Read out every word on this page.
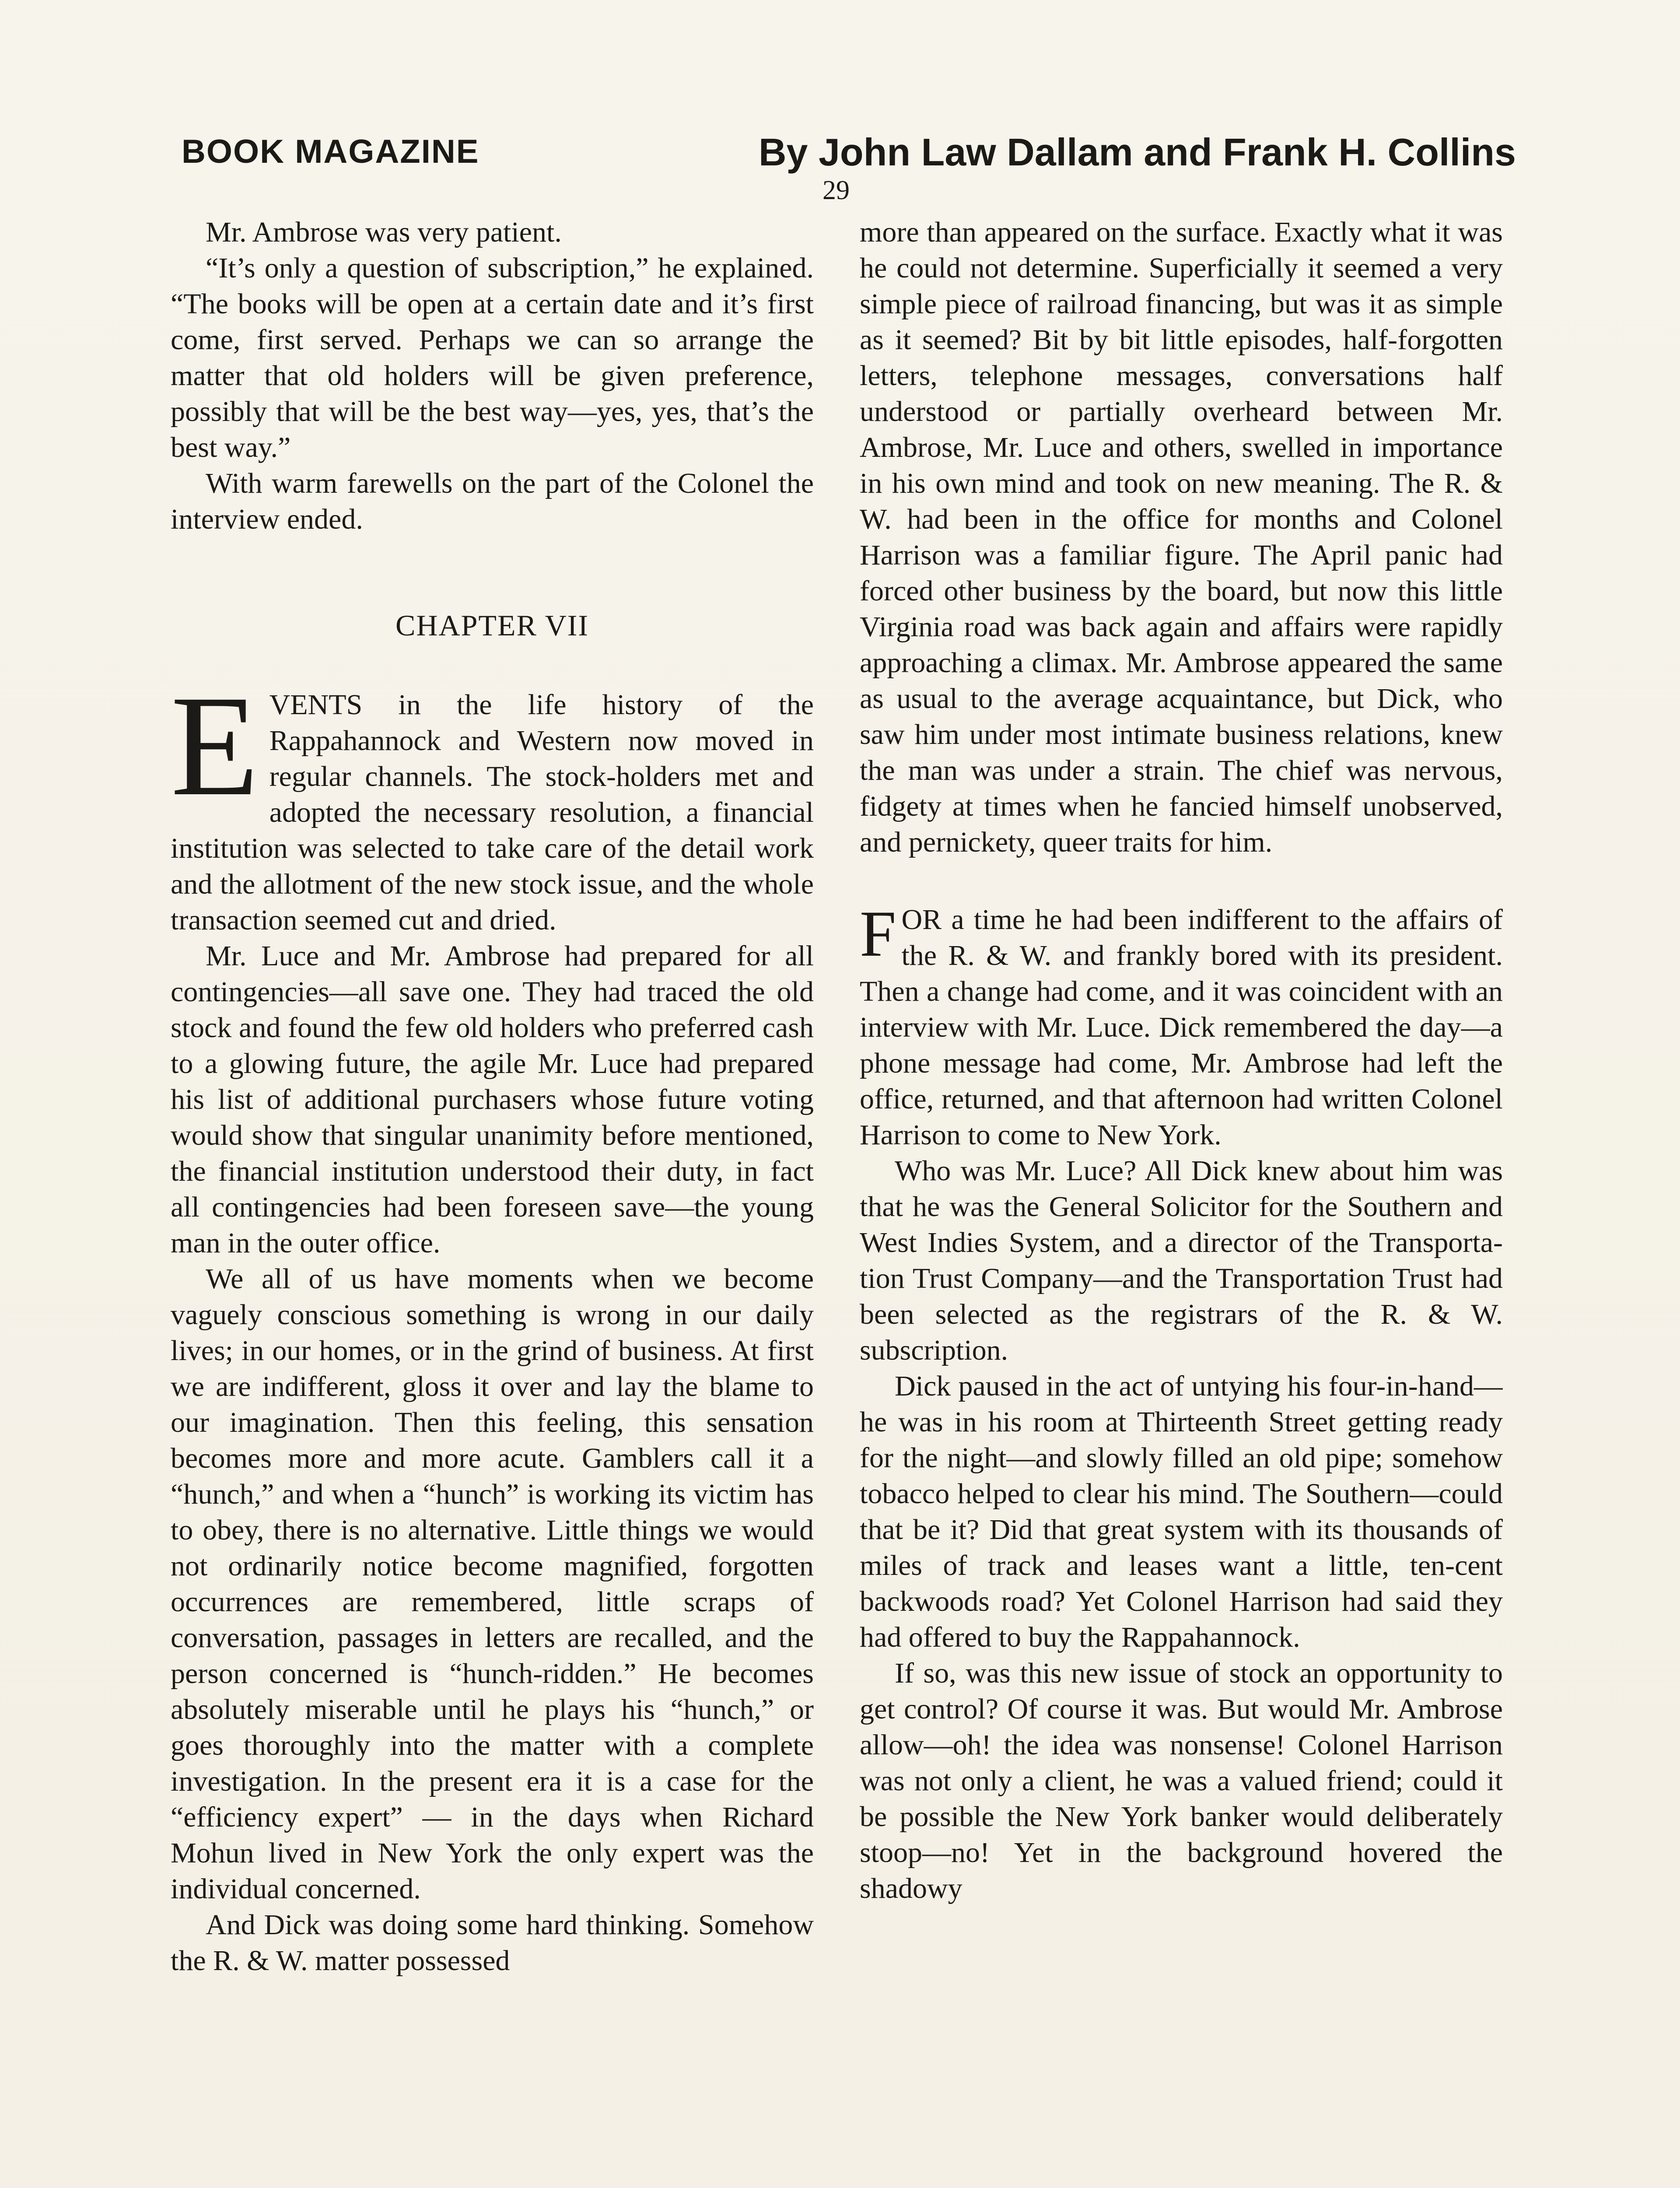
BOOK MAGAZINE	By John Law Dallam and Frank H. Collins
29

Mr. Ambrose was very patient.

“It’s only a question of subscription,” he explained. “The books will be open at a certain date and it’s first come, first served. Perhaps we can so arrange the matter that old holders will be given preference, possibly that will be the best way—yes, yes, that’s the best way.”

With warm farewells on the part of the Colonel the interview ended.

CHAPTER VII

EVENTS in the life history of the Rappahannock and Western now moved in regular channels. The stock-holders met and adopted the necessary resolution, a financial institution was selected to take care of the detail work and the allotment of the new stock issue, and the whole transaction seemed cut and dried.

Mr. Luce and Mr. Ambrose had prepared for all contingencies—all save one. They had traced the old stock and found the few old holders who preferred cash to a glowing future, the agile Mr. Luce had prepared his list of additional purchasers whose future voting would show that singular unanimity before mentioned, the financial institution understood their duty, in fact all contingencies had been foreseen save—the young man in the outer office.

We all of us have moments when we become vaguely conscious something is wrong in our daily lives; in our homes, or in the grind of business. At first we are indifferent, gloss it over and lay the blame to our imagination. Then this feeling, this sensation becomes more and more acute. Gamblers call it a “hunch,” and when a “hunch” is working its victim has to obey, there is no alternative. Little things we would not ordinarily notice become magnified, forgotten occurrences are remembered, little scraps of conversation, passages in letters are recalled, and the person concerned is “hunch-ridden.” He becomes absolutely miserable until he plays his “hunch,” or goes thoroughly into the matter with a complete investigation. In the present era it is a case for the “efficiency expert” — in the days when Richard Mohun lived in New York the only expert was the individual concerned.

And Dick was doing some hard thinking. Somehow the R. & W. matter possessed

more than appeared on the surface. Exactly what it was he could not determine. Superficially it seemed a very simple piece of railroad financing, but was it as simple as it seemed? Bit by bit little episodes, half-forgotten letters, telephone messages, conversations half understood or partially overheard between Mr. Ambrose, Mr. Luce and others, swelled in importance in his own mind and took on new meaning. The R. & W. had been in the office for months and Colonel Harrison was a familiar figure. The April panic had forced other business by the board, but now this little Virginia road was back again and affairs were rapidly approaching a climax. Mr. Ambrose appeared the same as usual to the average acquaintance, but Dick, who saw him under most intimate business relations, knew the man was under a strain. The chief was nervous, fidgety at times when he fancied himself unobserved, and pernickety, queer traits for him.

FOR a time he had been indifferent to the affairs of the R. & W. and frankly bored with its president. Then a change had come, and it was coincident with an interview with Mr. Luce. Dick remembered the day—a phone message had come, Mr. Ambrose had left the office, returned, and that afternoon had written Colonel Harrison to come to New York.

Who was Mr. Luce? All Dick knew about him was that he was the General Solicitor for the Southern and West Indies System, and a director of the Transportation Trust Company—and the Transportation Trust had been selected as the registrars of the R. & W. subscription.

Dick paused in the act of untying his four-in-hand—he was in his room at Thirteenth Street getting ready for the night—and slowly filled an old pipe; somehow tobacco helped to clear his mind. The Southern—could that be it? Did that great system with its thousands of miles of track and leases want a little, ten-cent backwoods road? Yet Colonel Harrison had said they had offered to buy the Rappahannock.

If so, was this new issue of stock an opportunity to get control? Of course it was. But would Mr. Ambrose allow—oh! the idea was nonsense! Colonel Harrison was not only a client, he was a valued friend; could it be possible the New York banker would deliberately stoop—no! Yet in the background hovered the shadowy
